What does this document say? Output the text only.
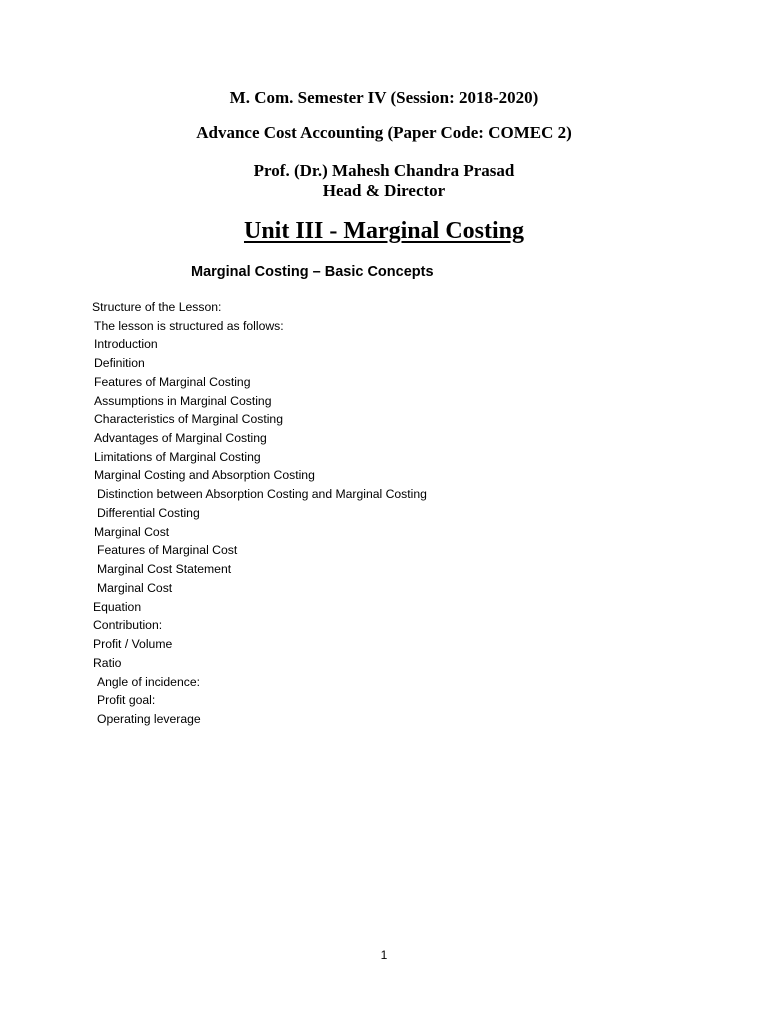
M. Com. Semester IV (Session: 2018-2020)
Advance Cost Accounting (Paper Code: COMEC 2)
Prof. (Dr.) Mahesh Chandra Prasad
Head & Director
Unit III - Marginal Costing
Marginal Costing – Basic Concepts
Structure of the Lesson:
The lesson is structured as follows:
Introduction
Definition
Features of Marginal Costing
Assumptions in Marginal Costing
Characteristics of Marginal Costing
Advantages of Marginal Costing
Limitations of Marginal Costing
Marginal Costing and Absorption Costing
Distinction between Absorption Costing and Marginal Costing
Differential Costing
Marginal Cost
Features of Marginal Cost
Marginal Cost Statement
Marginal Cost
Equation
Contribution:
Profit / Volume
Ratio
Angle of incidence:
Profit goal:
Operating leverage
1
